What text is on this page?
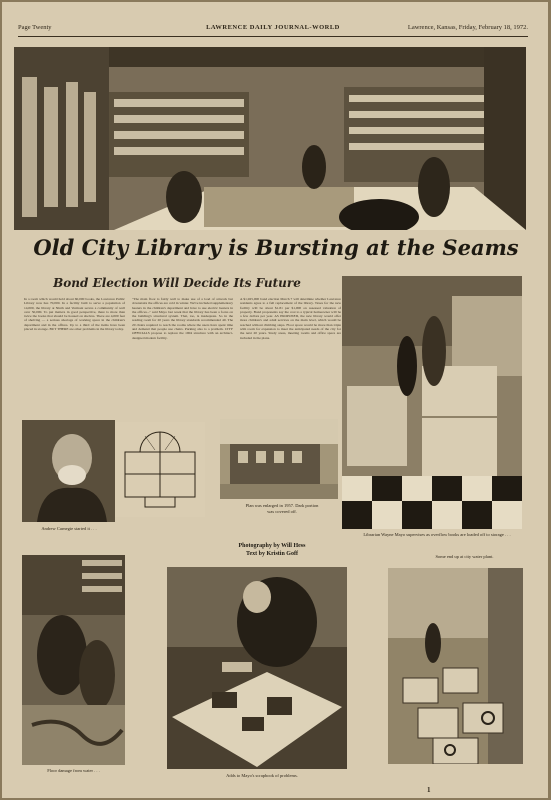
Page Twenty	LAWRENCE DAILY JOURNAL-WORLD	Lawrence, Kansas, Friday, February 18, 1972.
Old City Library is Bursting at the Seams
Bond Election Will Decide Its Future
In a room which would hold about 60,000 books, the Lawrence Public Library now has 70,000. In a facility built to serve a population of 14,000, the library at Ninth and Vermont serves a community of well over 50,000. To put matters in good perspective, there is more than twice the books that should be housed on shelves. There are 4,000 feet of shelving — a serious shortage of working space in the children's department and in the offices. Up to a third of the items have been placed in storage. BUT THERE are other problems in the library today.
"The main floor is fairly well to make use of a load of artwork but downstairs the offices are cold in winter. We've included supplementary heaters in the children's department and have to use electric heaters in the offices..." said Mayo last week that the library has been a focus on the building's structural system. That, too, is inadequate. So in the reading room for 20 years the library standards recommended 40. The 20 chairs required to reach the rooms where the users have spent time and demand that people use chairs. Parking also is a problem. CITY OFFICIALS propose to replace the 1904 structure with an architect-designed modern facility.
A $1,925,000 bond election March 7 will determine whether Lawrence residents agree to a full replacement of the library. Taxes for the new facility will be about $1.81 per $1,000 on assessed valuation of property. Bond proponents say the cost to a typical homeowner will be a few dollars per year. AS PROPOSED, the new library would offer more children's and adult services on the main level, which would be reached without climbing steps. Floor space would be more than triple with room for expansion to meet the anticipated needs of the city for the next 20 years. Study areas, meeting rooms and office space are included in the plans.
Andrew Carnegie started it . . .
Plan was enlarged in 1957. Dark portion was covered off.
Photography by Will Hess
Text by Kristin Goff
Librarian Wayne Mayo supervises as overflow books are loaded off to storage . . .
Some end up at city water plant.
Floor damage from water . . .
Adds to Mayo's scrapbook of problems.
1
